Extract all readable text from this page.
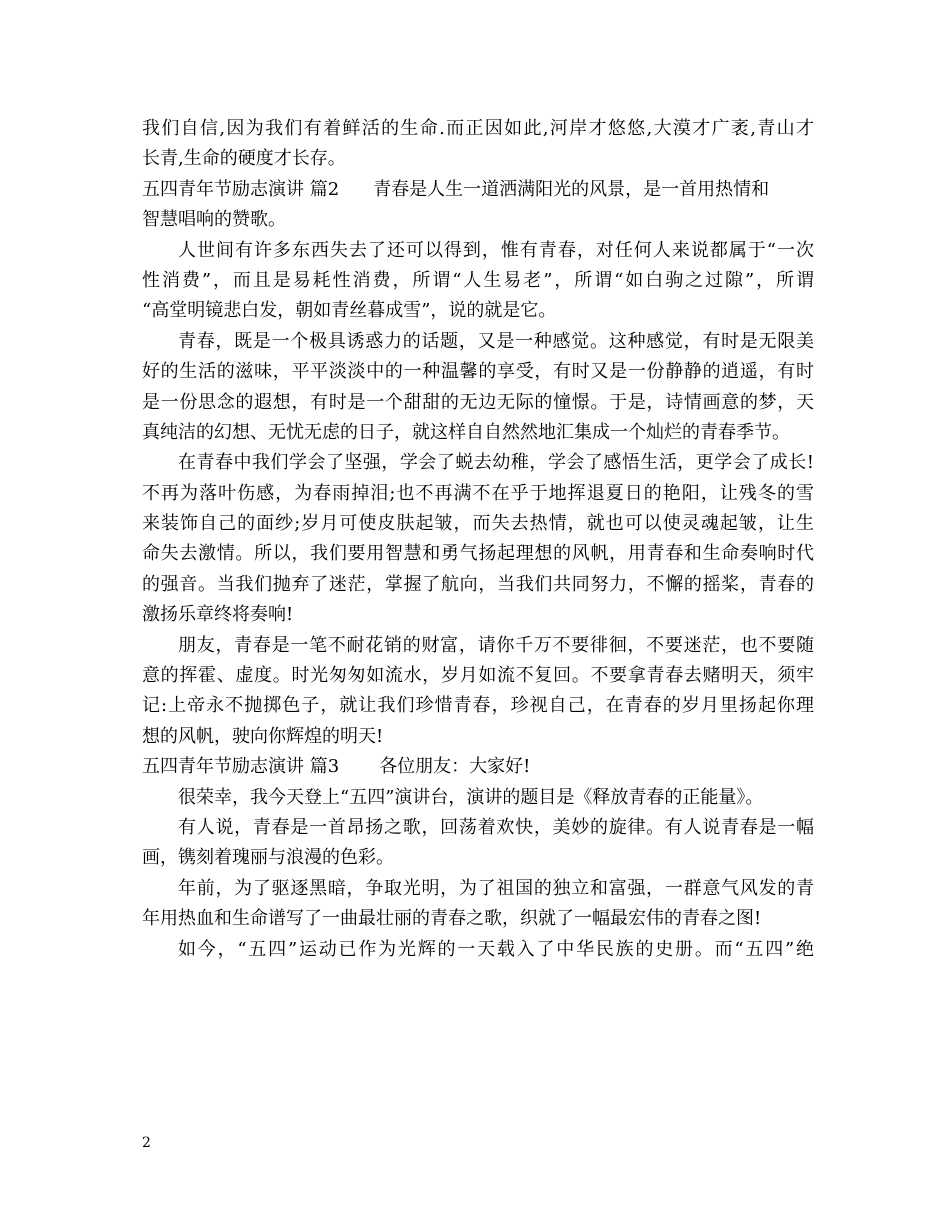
我们自信,因为我们有着鲜活的生命.而正因如此,河岸才悠悠,大漠才广袤,青山才
长青,生命的硬度才长存。
五四青年节励志演讲 篇2 青春是人生一道洒满阳光的风景，是一首用热情和
智慧唱响的赞歌。
人世间有许多东西失去了还可以得到，惟有青春，对任何人来说都属于“一次
性消费”，而且是易耗性消费，所谓“人生易老”，所谓“如白驹之过隙”，所谓
“高堂明镜悲白发，朝如青丝暮成雪”，说的就是它。
青春，既是一个极具诱惑力的话题，又是一种感觉。这种感觉，有时是无限美
好的生活的滋味，平平淡淡中的一种温馨的享受，有时又是一份静静的逍遥，有时
是一份思念的遐想，有时是一个甜甜的无边无际的憧憬。于是，诗情画意的梦，天
真纯洁的幻想、无忧无虑的日子，就这样自自然然地汇集成一个灿烂的青春季节。
在青春中我们学会了坚强，学会了蜕去幼稚，学会了感悟生活，更学会了成长!
不再为落叶伤感，为春雨掉泪;也不再满不在乎于地挥退夏日的艳阳，让残冬的雪
来装饰自己的面纱;岁月可使皮肤起皱，而失去热情，就也可以使灵魂起皱，让生
命失去激情。所以，我们要用智慧和勇气扬起理想的风帆，用青春和生命奏响时代
的强音。当我们抛弃了迷茫，掌握了航向，当我们共同努力，不懈的摇桨，青春的
激扬乐章终将奏响!
朋友，青春是一笔不耐花销的财富，请你千万不要徘徊，不要迷茫，也不要随
意的挥霍、虚度。时光匆匆如流水，岁月如流不复回。不要拿青春去赌明天，须牢
记:上帝永不抛掷色子，就让我们珍惜青春，珍视自己，在青春的岁月里扬起你理
想的风帆，驶向你辉煌的明天!
五四青年节励志演讲 篇3 各位朋友：大家好!
很荣幸，我今天登上“五四”演讲台，演讲的题目是《释放青春的正能量》。
有人说，青春是一首昂扬之歌，回荡着欢快，美妙的旋律。有人说青春是一幅
画，镌刻着瑰丽与浪漫的色彩。
年前，为了驱逐黑暗，争取光明，为了祖国的独立和富强，一群意气风发的青
年用热血和生命谱写了一曲最壮丽的青春之歌，织就了一幅最宏伟的青春之图!
如今，“五四”运动已作为光辉的一天载入了中华民族的史册。而“五四”绝
2
